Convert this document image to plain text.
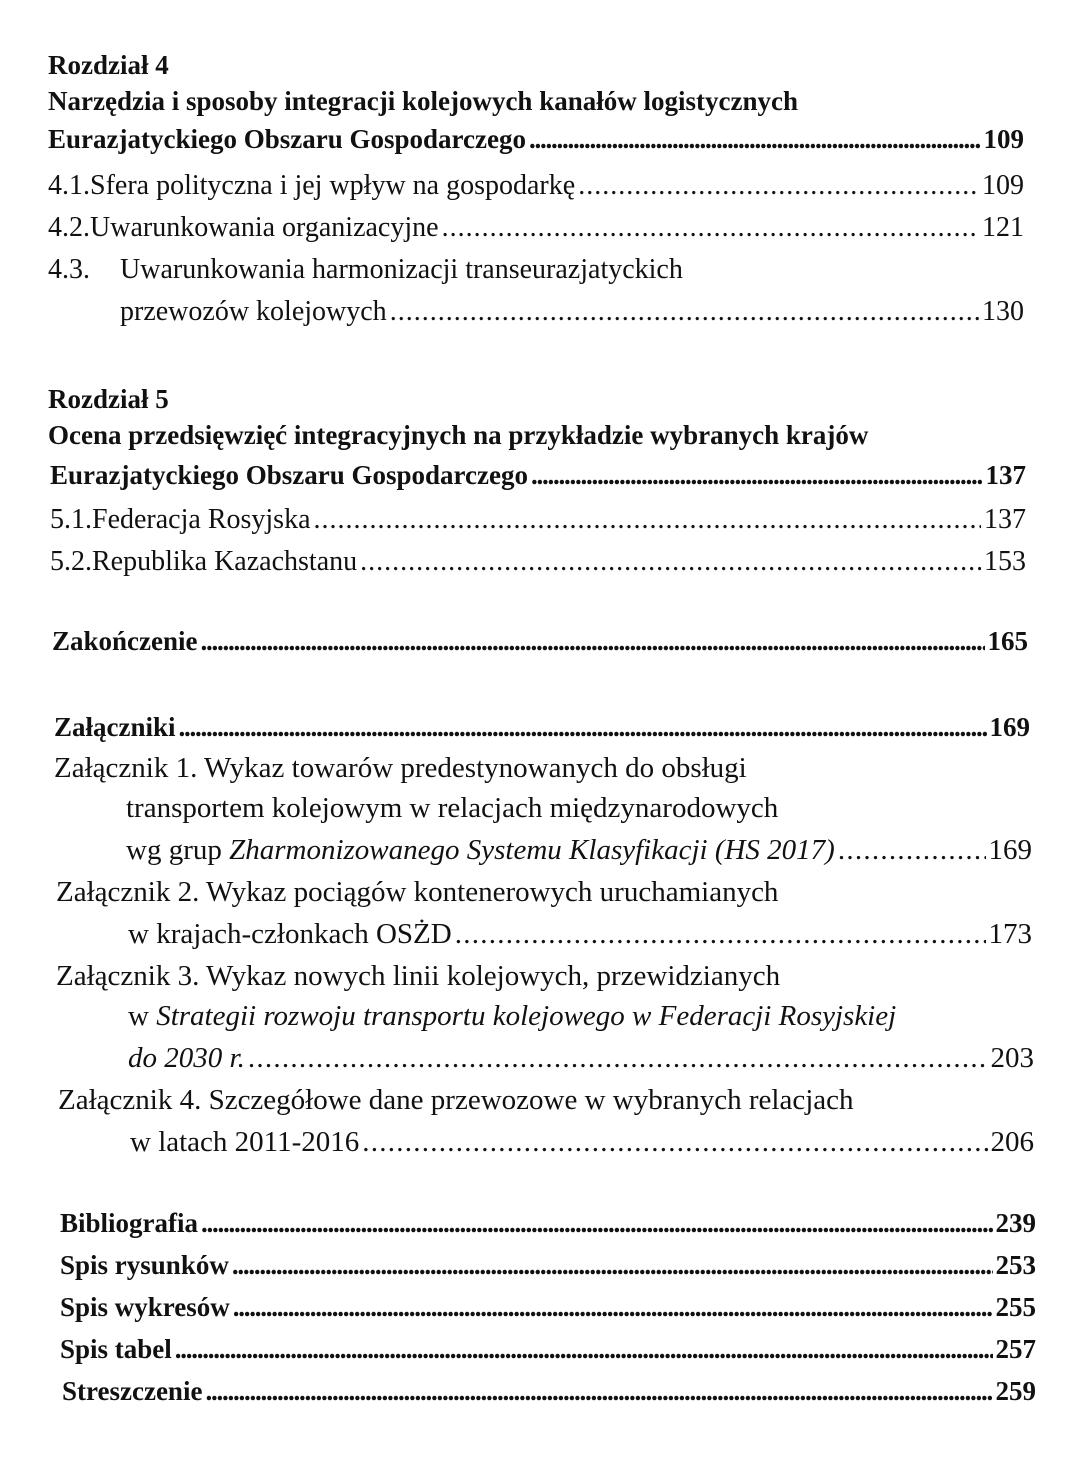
Rozdział 4
Narzędzia i sposoby integracji kolejowych kanałów logistycznych
Eurazjatyckiego Obszaru Gospodarczego . . .	109
4.1. Sfera polityczna i jej wpływ na gospodarkę . . .	109
4.2. Uwarunkowania organizacyjne . . .	121
4.3.	Uwarunkowania harmonizacji transeurazjatyckich
przewozów kolejowych . . .	130
Rozdział 5
Ocena przedsięwzięć integracyjnych na przykładzie wybranych krajów
Eurazjatyckiego Obszaru Gospodarczego . . .	137
5.1. Federacja Rosyjska . . .	137
5.2. Republika Kazachstanu . . .	153
Zakończenie . . .	165
Załączniki . . .	169
Załącznik 1. Wykaz towarów predestynowanych do obsługi
transportem kolejowym w relacjach międzynarodowych
wg grup Zharmonizowanego Systemu Klasyfikacji (HS 2017) . . .	169
Załącznik 2. Wykaz pociągów kontenerowych uruchamianych
w krajach-członkach OSŻD . . .	173
Załącznik 3. Wykaz nowych linii kolejowych, przewidzianych
w Strategii rozwoju transportu kolejowego w Federacji Rosyjskiej
do 2030 r. . . .	203
Załącznik 4. Szczegółowe dane przewozowe w wybranych relacjach
w latach 2011-2016 . . .	206
Bibliografia . . .	239
Spis rysunków . . .	253
Spis wykresów . . .	255
Spis tabel . . .	257
Streszczenie . . .	259
